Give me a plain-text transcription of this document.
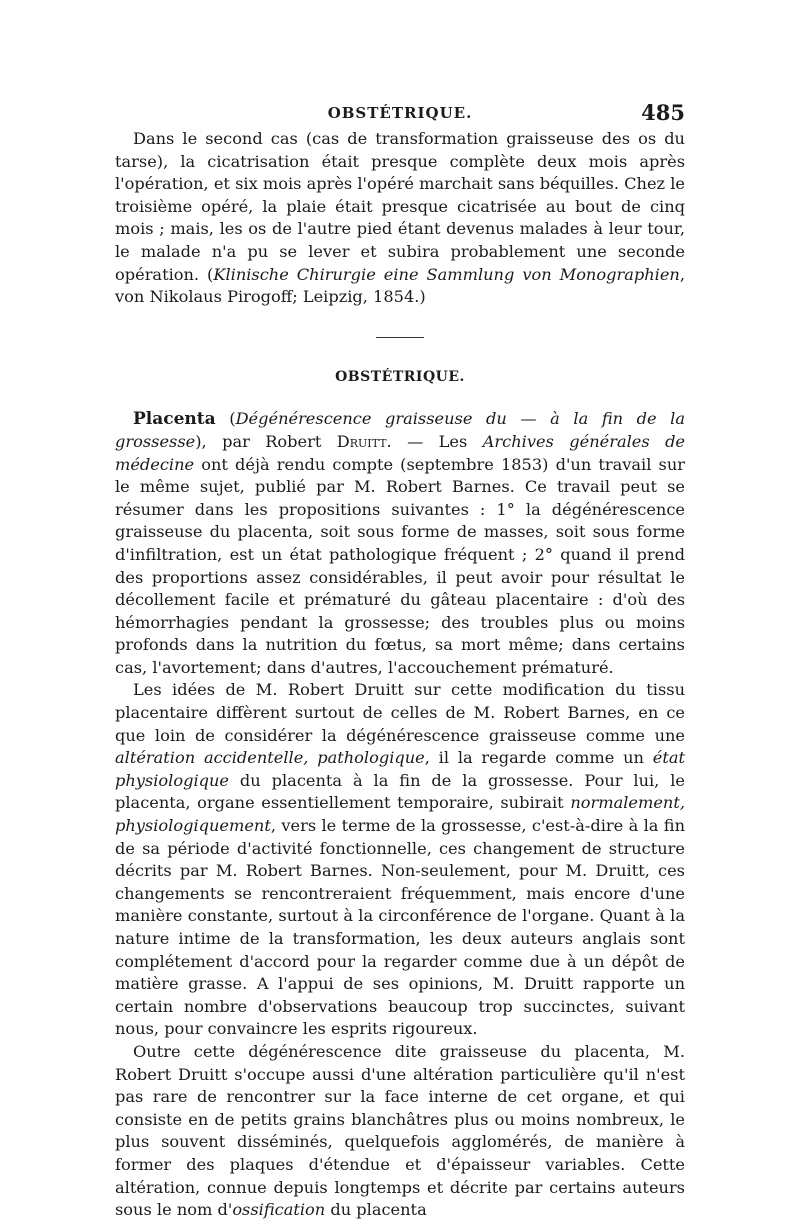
OBSTÉTRIQUE.	485

Dans le second cas (cas de transformation graisseuse des os du tarse), la cicatrisation était presque complète deux mois après l'opération, et six mois après l'opéré marchait sans béquilles. Chez le troisième opéré, la plaie était presque cicatrisée au bout de cinq mois ; mais, les os de l'autre pied étant devenus malades à leur tour, le malade n'a pu se lever et subira probablement une seconde opération. (Klinische Chirurgie eine Sammlung von Monographien, von Nikolaus Pirogoff; Leipzig, 1854.)

OBSTÉTRIQUE.

Placenta (Dégénérescence graisseuse du — à la fin de la grossesse), par Robert Druitt. — Les Archives générales de médecine ont déjà rendu compte (septembre 1853) d'un travail sur le même sujet, publié par M. Robert Barnes. Ce travail peut se résumer dans les propositions suivantes : 1° la dégénérescence graisseuse du placenta, soit sous forme de masses, soit sous forme d'infiltration, est un état pathologique fréquent ; 2° quand il prend des proportions assez considérables, il peut avoir pour résultat le décollement facile et prématuré du gâteau placentaire : d'où des hémorrhagies pendant la grossesse; des troubles plus ou moins profonds dans la nutrition du fœtus, sa mort même; dans certains cas, l'avortement; dans d'autres, l'accouchement prématuré.

Les idées de M. Robert Druitt sur cette modification du tissu placentaire diffèrent surtout de celles de M. Robert Barnes, en ce que loin de considérer la dégénérescence graisseuse comme une altération accidentelle, pathologique, il la regarde comme un état physiologique du placenta à la fin de la grossesse. Pour lui, le placenta, organe essentiellement temporaire, subirait normalement, physiologiquement, vers le terme de la grossesse, c'est-à-dire à la fin de sa période d'activité fonctionnelle, ces changement de structure décrits par M. Robert Barnes. Non-seulement, pour M. Druitt, ces changements se rencontreraient fréquemment, mais encore d'une manière constante, surtout à la circonférence de l'organe. Quant à la nature intime de la transformation, les deux auteurs anglais sont complétement d'accord pour la regarder comme due à un dépôt de matière grasse. A l'appui de ses opinions, M. Druitt rapporte un certain nombre d'observations beaucoup trop succinctes, suivant nous, pour convaincre les esprits rigoureux.

Outre cette dégénérescence dite graisseuse du placenta, M. Robert Druitt s'occupe aussi d'une altération particulière qu'il n'est pas rare de rencontrer sur la face interne de cet organe, et qui consiste en de petits grains blanchâtres plus ou moins nombreux, le plus souvent disséminés, quelquefois agglomérés, de manière à former des plaques d'étendue et d'épaisseur variables. Cette altération, connue depuis longtemps et décrite par certains auteurs sous le nom d'ossification du placenta
